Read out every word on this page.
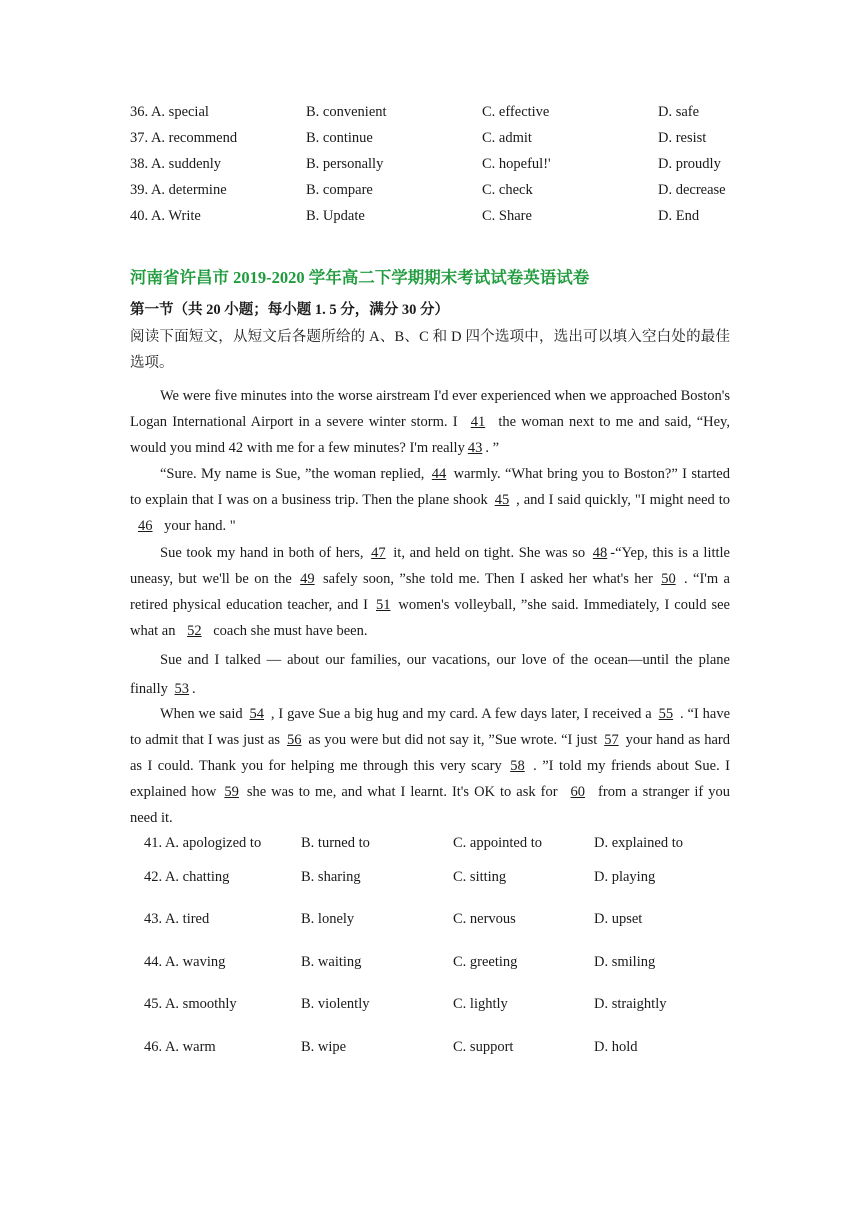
36. A. special	B. convenient	C. effective	D. safe
37. A. recommend	B. continue	C. admit	D. resist
38. A. suddenly	B. personally	C. hopeful!'	D. proudly
39. A. determine	B. compare	C. check	D. decrease
40. A. Write	B. Update	C. Share	D. End
河南省许昌市 2019-2020 学年高二下学期期末考试试卷英语试卷
第一节（共 20 小题；每小题 1. 5 分，满分 30 分）

阅读下面短文，从短文后各题所给的 A、B、C 和 D 四个选项中，选出可以填入空白处的最佳选项。

We were five minutes into the worse airstream I'd ever experienced when we approached Boston's Logan International Airport in a severe winter storm. I 41 the woman next to me and said, “Hey, would you mind 42 with me for a few minutes? I'm really 43 . ”

“Sure. My name is Sue, ”the woman replied, 44 warmly. “What bring you to Boston?” I started to explain that I was on a business trip. Then the plane shook 45 , and I said quickly, "I might need to 46 your hand. "

Sue took my hand in both of hers, 47 it, and held on tight. She was so 48 -“Yep, this is a little uneasy, but we'll be on the 49 safely soon, ”she told me. Then I asked her what's her 50 . “I'm a retired physical education teacher, and I 51 women's volleyball, ”she said. Immediately, I could see what an 52 coach she must have been.

Sue and I talked — about our families, our vacations, our love of the ocean—until the plane finally 53 .

When we said 54 , I gave Sue a big hug and my card. A few days later, I received a 55 . “I have to admit that I was just as 56 as you were but did not say it, ”Sue wrote. “I just 57 your hand as hard as I could. Thank you for helping me through this very scary 58 . ”I told my friends about Sue. I explained how 59 she was to me, and what I learnt. It's OK to ask for 60 from a stranger if you need it.

41. A. apologized to	B. turned to	C. appointed to	D. explained to
42. A. chatting	B. sharing	C. sitting	D. playing
43. A. tired	B. lonely	C. nervous	D. upset
44. A. waving	B. waiting	C. greeting	D. smiling
45. A. smoothly	B. violently	C. lightly	D. straightly
46. A. warm	B. wipe	C. support	D. hold
